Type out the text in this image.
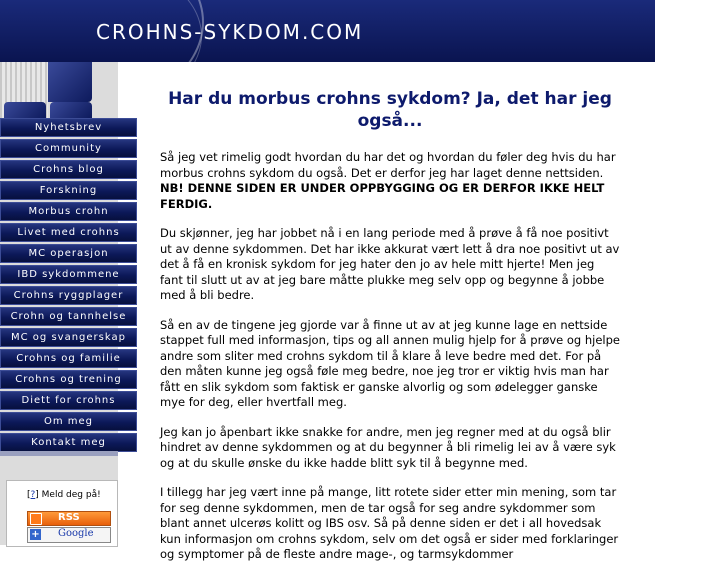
CROHNS-SYKDOM.COM
Nyhetsbrev
Community
Crohns blog
Forskning
Morbus crohn
Livet med crohns
MC operasjon
IBD sykdommene
Crohns ryggplager
Crohn og tannhelse
MC og svangerskap
Crohns og familie
Crohns og trening
Diett for crohns
Om meg
Kontakt meg
[?] Meld deg på!
RSS
+ Google
Har du morbus crohns sykdom? Ja, det har jeg også...

Så jeg vet rimelig godt hvordan du har det og hvordan du føler deg hvis du har morbus crohns sykdom du også. Det er derfor jeg har laget denne nettsiden. NB! DENNE SIDEN ER UNDER OPPBYGGING OG ER DERFOR IKKE HELT FERDIG.

Du skjønner, jeg har jobbet nå i en lang periode med å prøve å få noe positivt ut av denne sykdommen. Det har ikke akkurat vært lett å dra noe positivt ut av det å få en kronisk sykdom for jeg hater den jo av hele mitt hjerte! Men jeg fant til slutt ut av at jeg bare måtte plukke meg selv opp og begynne å jobbe med å bli bedre.

Så en av de tingene jeg gjorde var å finne ut av at jeg kunne lage en nettside stappet full med informasjon, tips og all annen mulig hjelp for å prøve og hjelpe andre som sliter med crohns sykdom til å klare å leve bedre med det. For på den måten kunne jeg også føle meg bedre, noe jeg tror er viktig hvis man har fått en slik sykdom som faktisk er ganske alvorlig og som ødelegger ganske mye for deg, eller hvertfall meg.

Jeg kan jo åpenbart ikke snakke for andre, men jeg regner med at du også blir hindret av denne sykdommen og at du begynner å bli rimelig lei av å være syk og at du skulle ønske du ikke hadde blitt syk til å begynne med.

I tillegg har jeg vært inne på mange, litt rotete sider etter min mening, som tar for seg denne sykdommen, men de tar også for seg andre sykdommer som blant annet ulcerøs kolitt og IBS osv. Så på denne siden er det i all hovedsak kun informasjon om crohns sykdom, selv om det også er sider med forklaringer og symptomer på de fleste andre mage-, og tarmsykdommer
